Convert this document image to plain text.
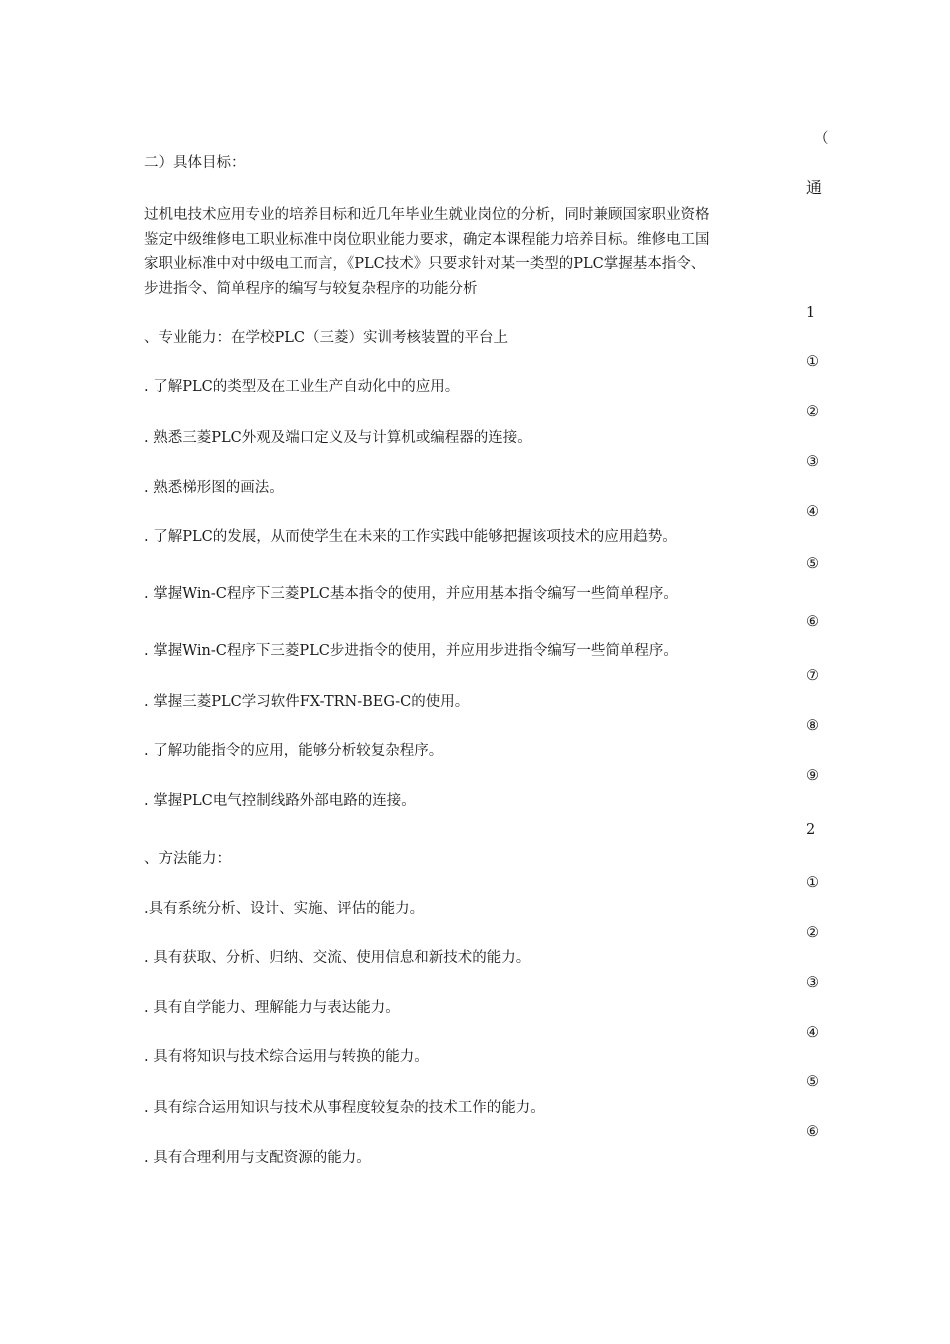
二）具体目标：
过机电技术应用专业的培养目标和近几年毕业生就业岗位的分析，同时兼顾国家职业资格
鉴定中级维修电工职业标准中岗位职业能力要求，确定本课程能力培养目标。维修电工国
家职业标准中对中级电工而言，《PLC技术》只要求针对某一类型的PLC掌握基本指令、
步进指令、简单程序的编写与较复杂程序的功能分析
、专业能力：在学校PLC（三菱）实训考核装置的平台上
. 了解PLC的类型及在工业生产自动化中的应用。
. 熟悉三菱PLC外观及端口定义及与计算机或编程器的连接。
. 熟悉梯形图的画法。
. 了解PLC的发展，从而使学生在未来的工作实践中能够把握该项技术的应用趋势。
. 掌握Win-C程序下三菱PLC基本指令的使用，并应用基本指令编写一些简单程序。
. 掌握Win-C程序下三菱PLC步进指令的使用，并应用步进指令编写一些简单程序。
. 掌握三菱PLC学习软件FX-TRN-BEG-C的使用。
. 了解功能指令的应用，能够分析较复杂程序。
. 掌握PLC电气控制线路外部电路的连接。
、方法能力：
.具有系统分析、设计、实施、评估的能力。
. 具有获取、分析、归纳、交流、使用信息和新技术的能力。
. 具有自学能力、理解能力与表达能力。
. 具有将知识与技术综合运用与转换的能力。
. 具有综合运用知识与技术从事程度较复杂的技术工作的能力。
. 具有合理利用与支配资源的能力。
（
通
1
①
②
③
④
⑤
⑥
⑦
⑧
⑨
2
①
②
③
④
⑤
⑥
